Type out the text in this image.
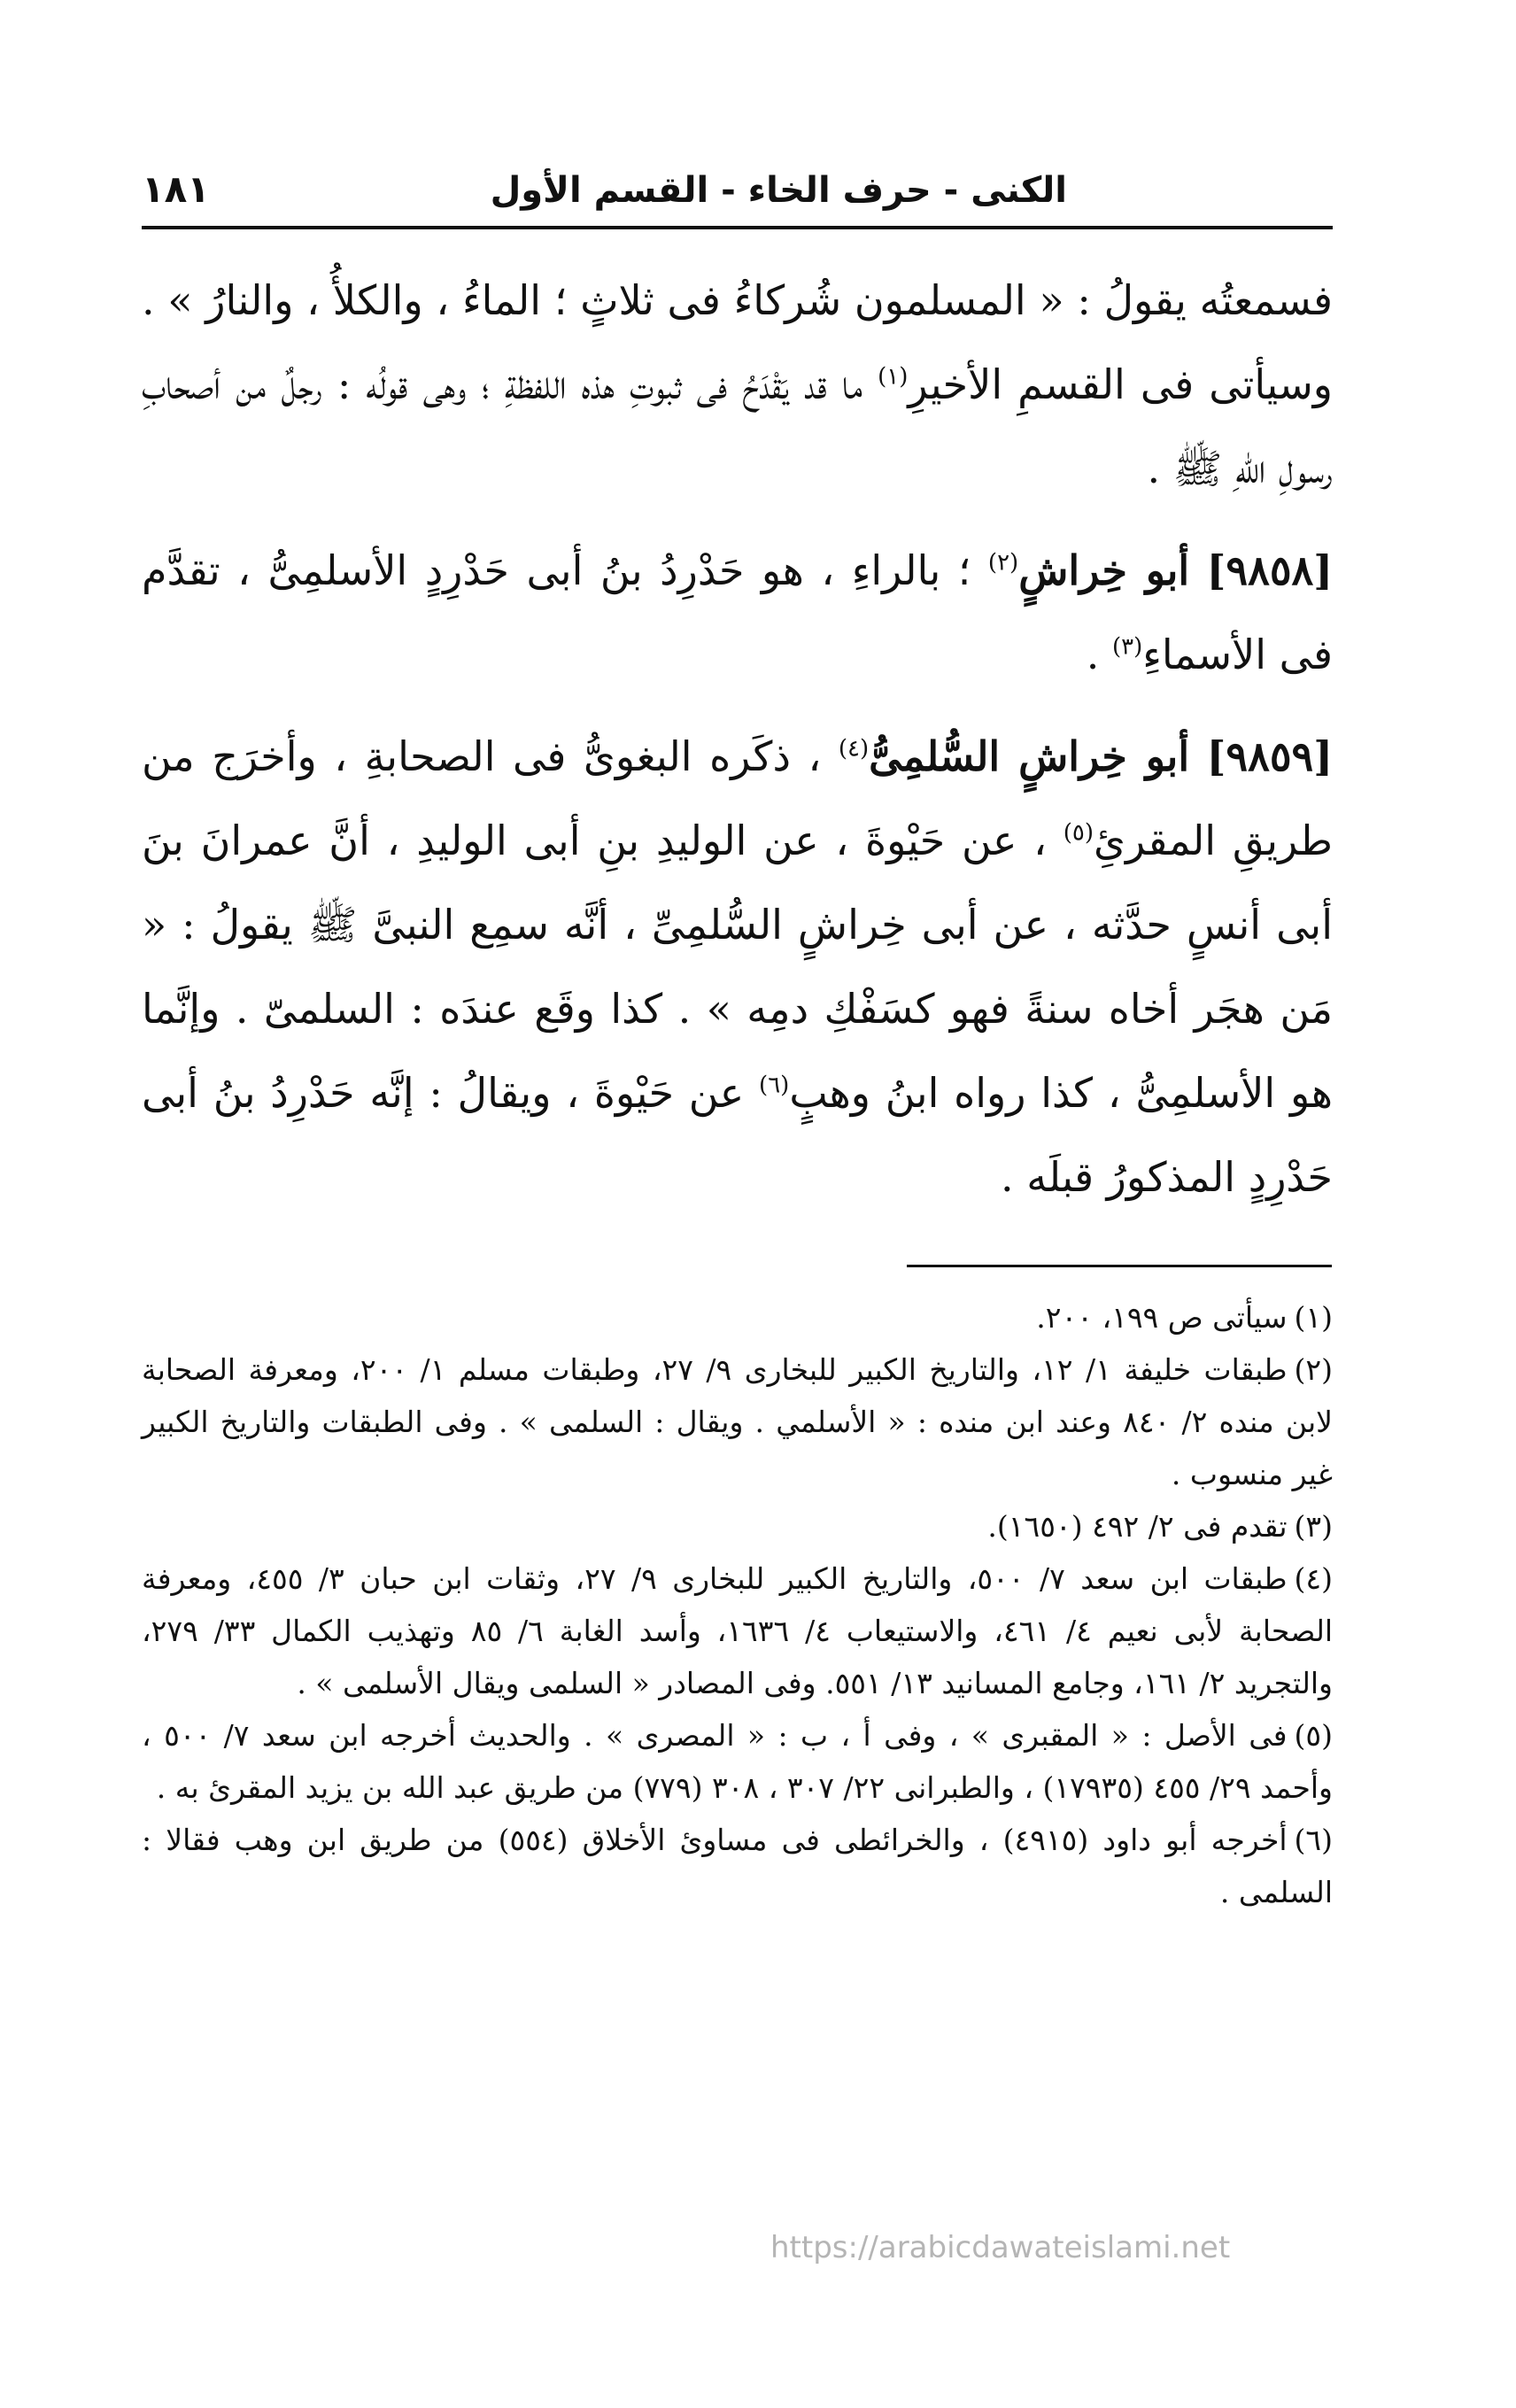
الكنى - حرف الخاء - القسم الأول
١٨١

فسمعتُه يقولُ : « المسلمون شُركاءُ فى ثلاثٍ ؛ الماءُ ، والكلأُ ، والنارُ » . وسيأتى فى القسمِ الأخيرِ$^{(١)}$ ما قد يَقْدَحُ فى ثبوتِ هذه اللفظةِ ؛ وهى قولُه : رجلٌ من أصحابِ رسولِ اللهِ ﷺ .

[٩٨٥٨] أبو خِراشٍ$^{(٢)}$ ؛ بالراءِ ، هو حَدْرِدُ بنُ أبى حَدْرِدٍ الأسلمِىُّ ، تقدَّم فى الأسماءِ$^{(٣)}$ .

[٩٨٥٩] أبو خِراشٍ السُّلمِىُّ$^{(٤)}$ ، ذكَره البغوىُّ فى الصحابةِ ، وأخرَج من طريقِ المقرئِ$^{(٥)}$ ، عن حَيْوةَ ، عن الوليدِ بنِ أبى الوليدِ ، أنَّ عمرانَ بنَ أبى أنسٍ حدَّثه ، عن أبى خِراشٍ السُّلمِىِّ ، أنَّه سمِع النبىَّ ﷺ يقولُ : « مَن هجَر أخاه سنةً فهو كسَفْكِ دمِه » . كذا وقَع عندَه : السلمىّ . وإنَّما هو الأسلمِىُّ ، كذا رواه ابنُ وهبٍ$^{(٦)}$ عن حَيْوةَ ، ويقالُ : إنَّه حَدْرِدُ بنُ أبى حَدْرِدٍ المذكورُ قبلَه .

(١)سيأتى ص ١٩٩، ٢٠٠.

(٢)طبقات خليفة ١/ ١٢، والتاريخ الكبير للبخارى ٩/ ٢٧، وطبقات مسلم ١/ ٢٠٠، ومعرفة الصحابة لابن منده ٢/ ٨٤٠ وعند ابن منده : « الأسلمي . ويقال : السلمى » . وفى الطبقات والتاريخ الكبير غير منسوب .

(٣)تقدم فى ٢/ ٤٩٢ (١٦٥٠).

(٤)طبقات ابن سعد ٧/ ٥٠٠، والتاريخ الكبير للبخارى ٩/ ٢٧، وثقات ابن حبان ٣/ ٤٥٥، ومعرفة الصحابة لأبى نعيم ٤/ ٤٦١، والاستيعاب ٤/ ١٦٣٦، وأسد الغابة ٦/ ٨٥ وتهذيب الكمال ٣٣/ ٢٧٩، والتجريد ٢/ ١٦١، وجامع المسانيد ١٣/ ٥٥١. وفى المصادر « السلمى ويقال الأسلمى » .

(٥)فى الأصل : « المقبرى » ، وفى أ ، ب : « المصرى » . والحديث أخرجه ابن سعد ٧/ ٥٠٠ ، وأحمد ٢٩/ ٤٥٥ (١٧٩٣٥) ، والطبرانى ٢٢/ ٣٠٧ ، ٣٠٨ (٧٧٩) من طريق عبد الله بن يزيد المقرئ به .

(٦)أخرجه أبو داود (٤٩١٥) ، والخرائطى فى مساوئ الأخلاق (٥٥٤) من طريق ابن وهب فقالا : السلمى .

https://arabicdawateislami.net
